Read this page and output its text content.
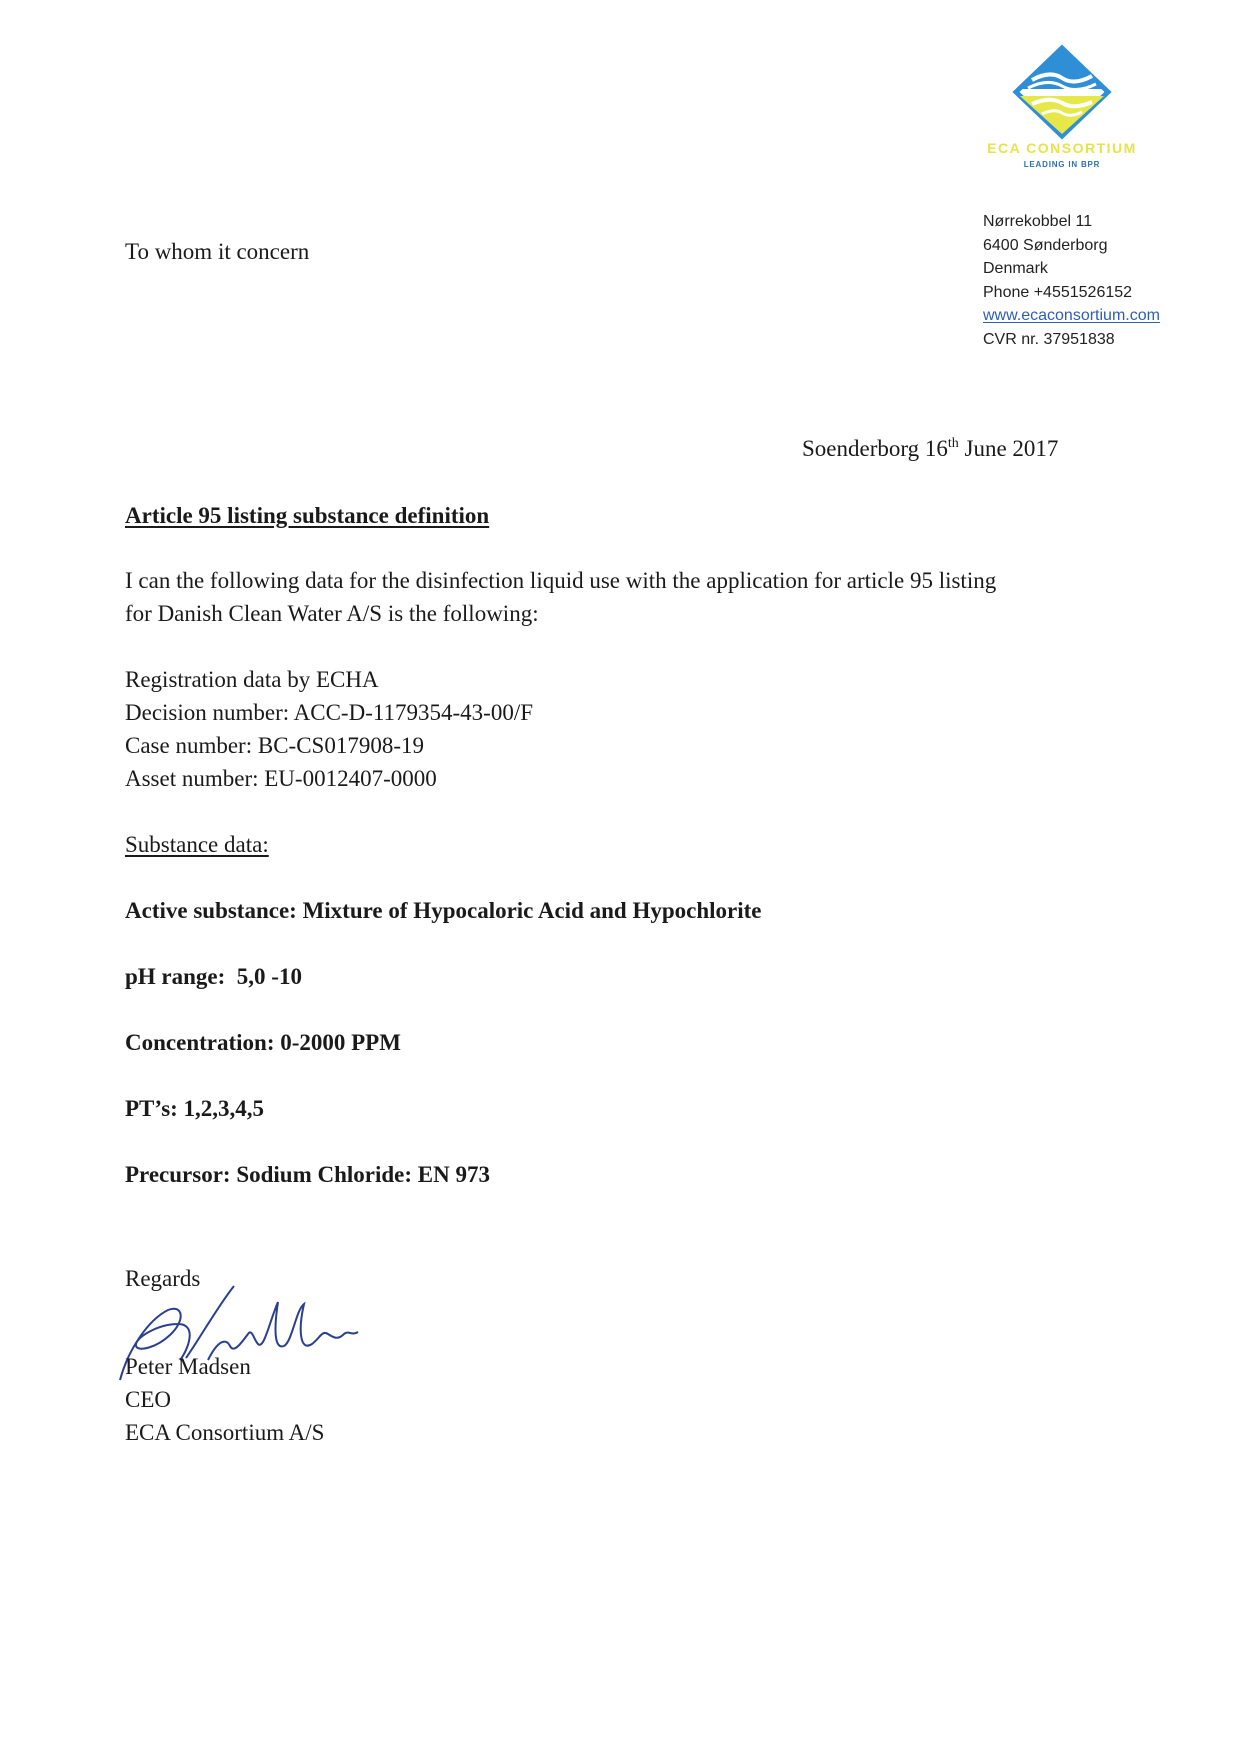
ECA CONSORTIUM
LEADING IN BPR
Nørrekobbel 11
6400 Sønderborg
Denmark
Phone +4551526152
www.ecaconsortium.com
CVR nr. 37951838
To whom it concern
Soenderborg 16th June 2017
Article 95 listing substance definition
I can the following data for the disinfection liquid use with the application for article 95 listing
for Danish Clean Water A/S is the following:
Registration data by ECHA
Decision number: ACC-D-1179354-43-00/F
Case number: BC-CS017908-19
Asset number: EU-0012407-0000
Substance data:
Active substance: Mixture of Hypocaloric Acid and Hypochlorite
pH range:  5,0 -10
Concentration: 0-2000 PPM
PT’s: 1,2,3,4,5
Precursor: Sodium Chloride: EN 973
Regards
Peter Madsen
CEO
ECA Consortium A/S
